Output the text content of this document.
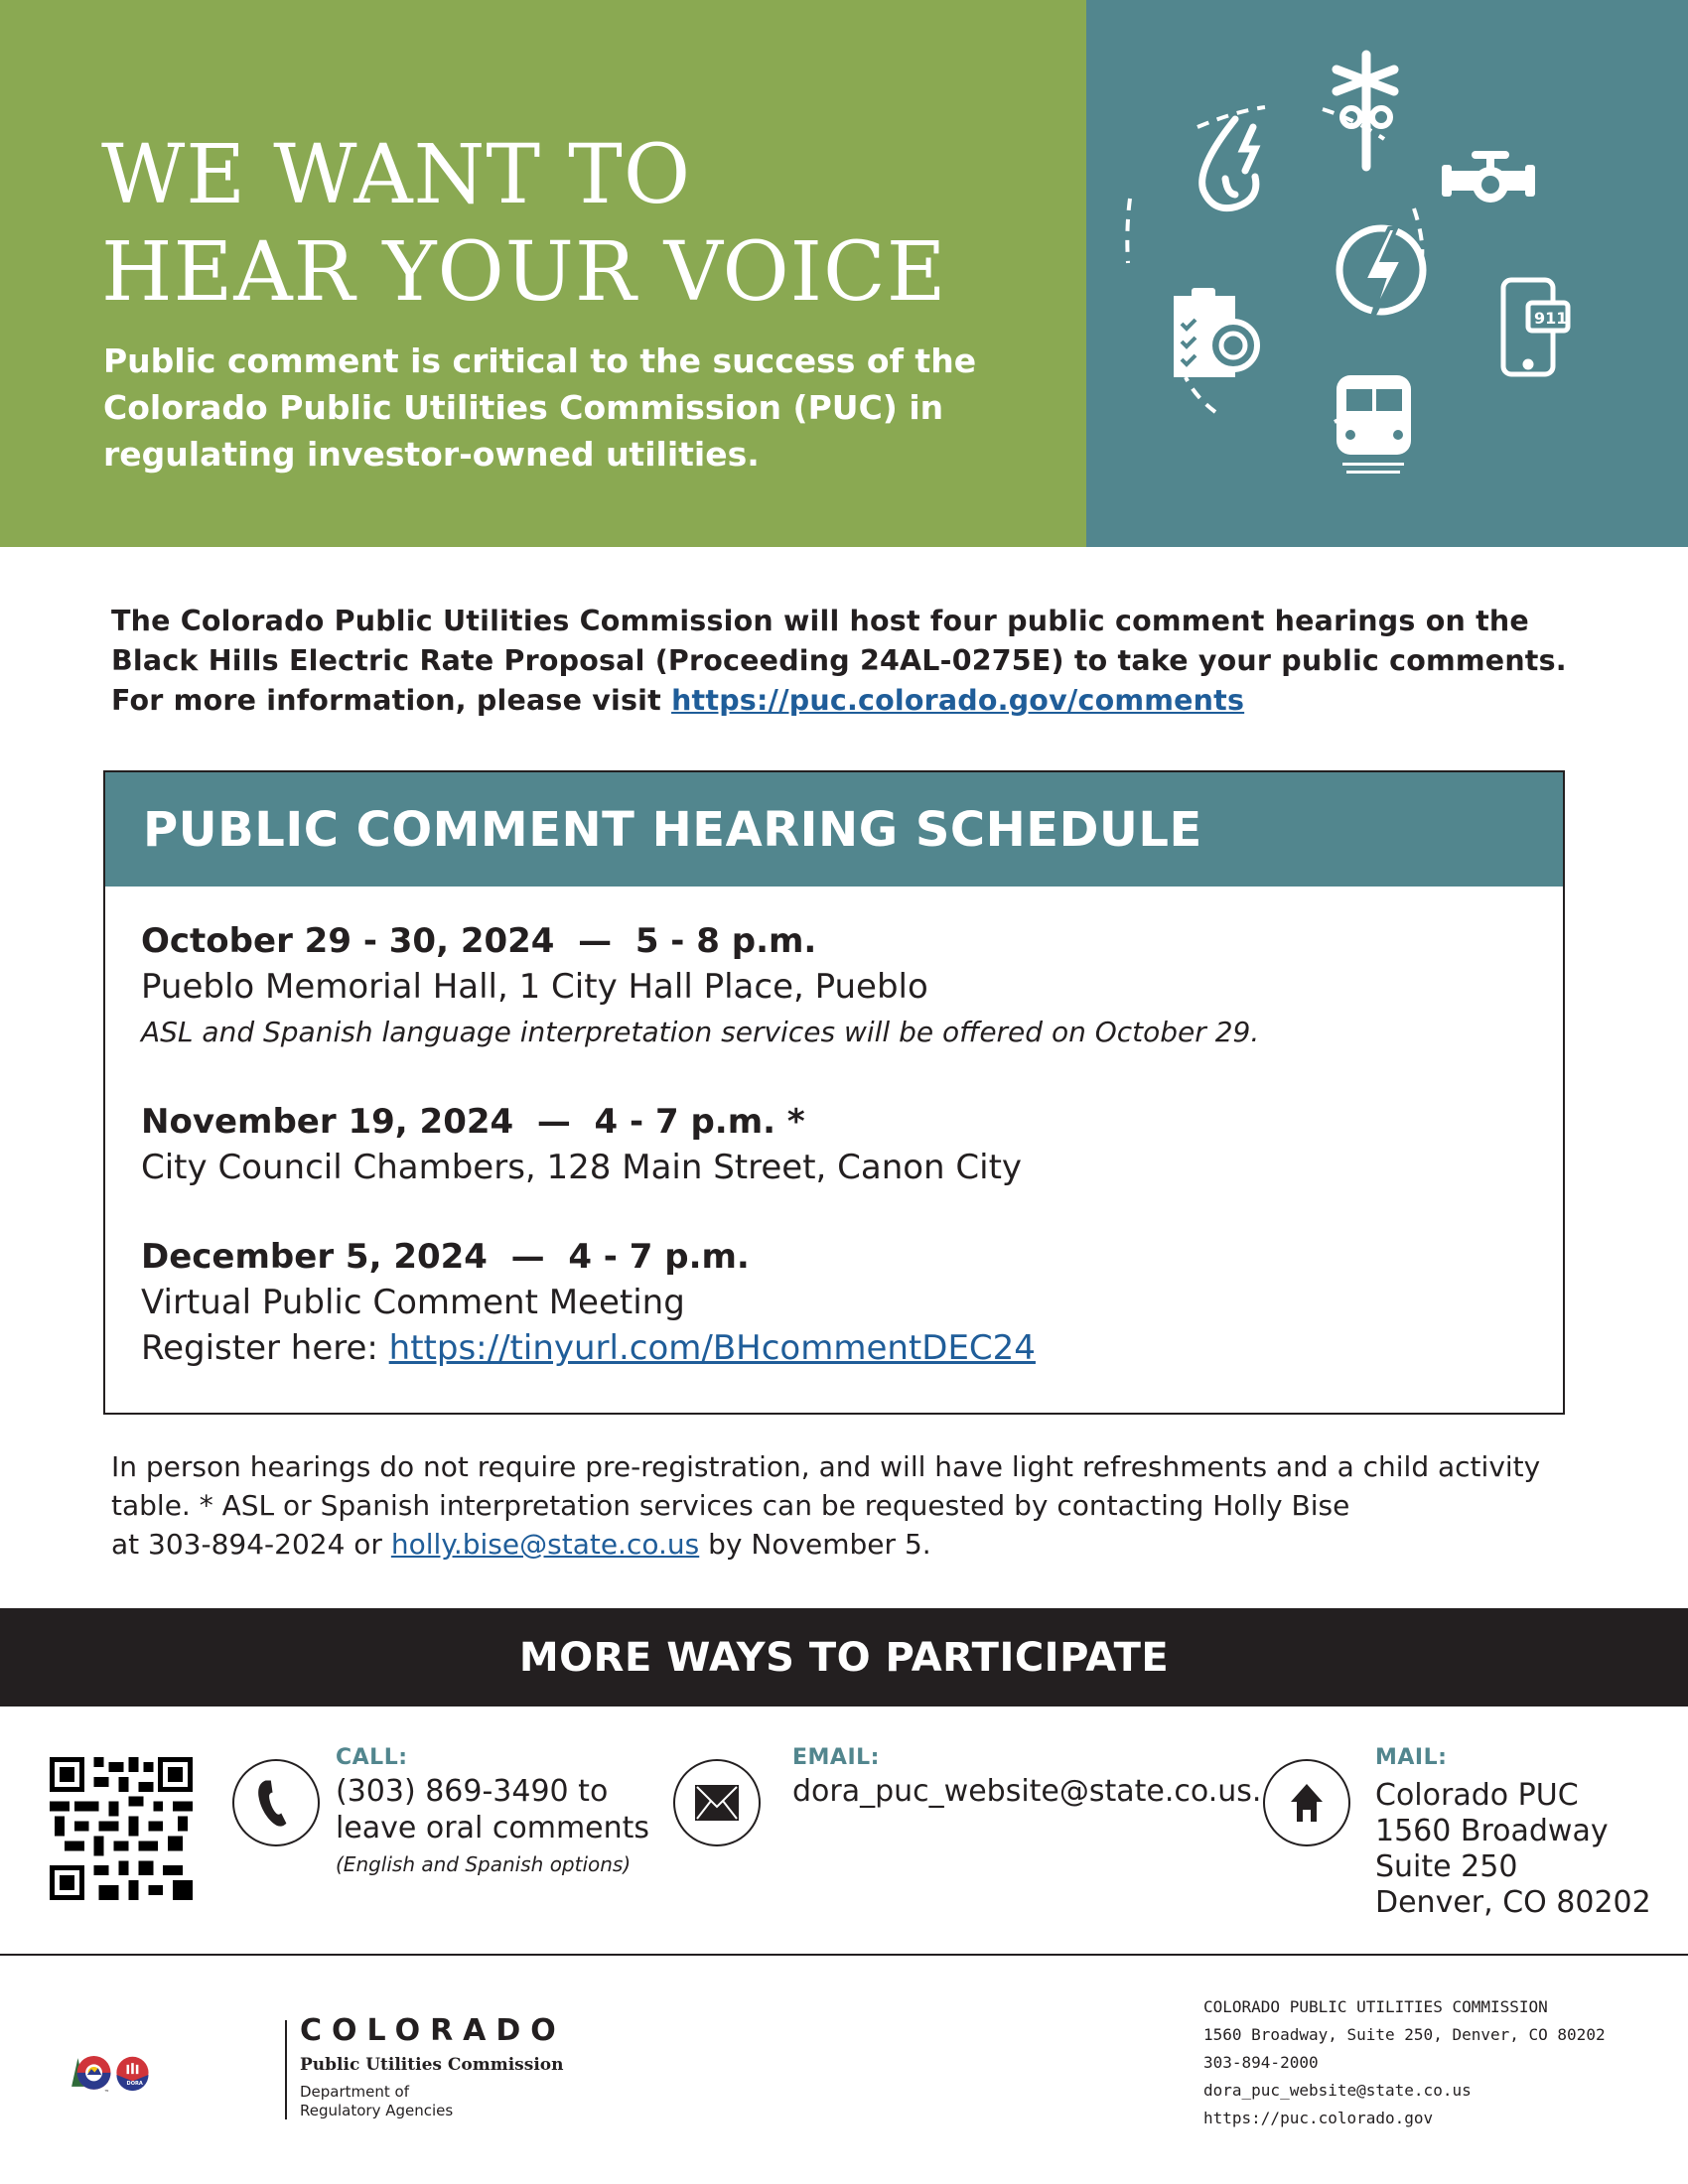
WE WANT TO
HEAR YOUR VOICE

Public comment is critical to the success of the Colorado Public Utilities Commission (PUC) in regulating investor-owned utilities.

911

The Colorado Public Utilities Commission will host four public comment hearings on the Black Hills Electric Rate Proposal (Proceeding 24AL-0275E) to take your public comments. For more information, please visit https://puc.colorado.gov/comments

PUBLIC COMMENT HEARING SCHEDULE
October 29 - 30, 2024  —  5 - 8 p.m.
Pueblo Memorial Hall, 1 City Hall Place, Pueblo
ASL and Spanish language interpretation services will be offered on October 29.
November 19, 2024  —  4 - 7 p.m. *
City Council Chambers, 128 Main Street, Canon City
December 5, 2024  —  4 - 7 p.m.
Virtual Public Comment Meeting
Register here: https://tinyurl.com/BHcommentDEC24
In person hearings do not require pre-registration, and will have light refreshments and a child activity
table. * ASL or Spanish interpretation services can be requested by contacting Holly Bise
at 303-894-2024 or holly.bise@state.co.us by November 5.
MORE WAYS TO PARTICIPATE
CALL:
(303) 869-3490 to
leave oral comments
(English and Spanish options)
EMAIL:
dora_puc_website@state.co.us.
MAIL:
Colorado PUC
1560 Broadway
Suite 250
Denver, CO 80202
TM
DORA
COLORADO
Public Utilities Commission
Department of
Regulatory Agencies
COLORADO PUBLIC UTILITIES COMMISSION
1560 Broadway, Suite 250, Denver, CO 80202
303-894-2000
dora_puc_website@state.co.us
https://puc.colorado.gov
